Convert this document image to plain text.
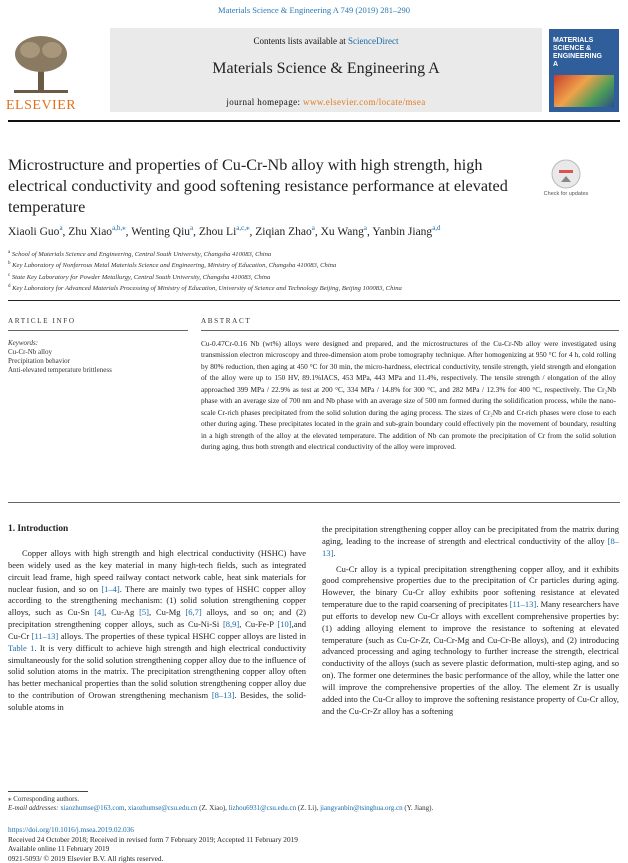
Materials Science & Engineering A 749 (2019) 281–290
ELSEVIER
Contents lists available at ScienceDirect
Materials Science & Engineering A
journal homepage: www.elsevier.com/locate/msea
MATERIALS SCIENCE & ENGINEERING
A
Microstructure and properties of Cu-Cr-Nb alloy with high strength, high electrical conductivity and good softening resistance performance at elevated temperature
Check for updates
Xiaoli Guo$^a$, Zhu Xiao$^{a,b,⁎}$, Wenting Qiu$^a$, Zhou $Li^{a,c,⁎}$, Ziqian Zhao$^a$, Xu Wang$^a$, Yanbin Jiang$^{a,d}$
$^a$ School of Materials Science and Engineering, Central South University, Changsha 410083, China
$^b$ Key Laboratory of Nonferrous Metal Materials Science and Engineering, Ministry of Education, Changsha 410083, China
$^c$ State Key Laboratory for Powder Metallurgy, Central South University, Changsha 410083, China
$^d$ Key Laboratory for Advanced Materials Processing of Ministry of Education, University of Science and Technology Beijing, Beijing 100083, China
ARTICLE INFO
Keywords:
Cu-Cr-Nb alloy
Precipitation behavior
Anti-elevated temperature brittleness
ABSTRACT
Cu-0.47Cr-0.16 Nb (wt%) alloys were designed and prepared, and the microstructures of the Cu-Cr-Nb alloy were investigated using transmission electron microscopy and three-dimension atom probe tomography technique. After homogenizing at 950 °C for 4 h, cold rolling by 80% reduction, then aging at 450 °C for 30 min, the micro-hardness, electrical conductivity, tensile strength, yield strength and elongation of the alloy were up to 150 HV, 89.1%IACS, 453 MPa, 443 MPa and 11.4%, respectively. The tensile strength / elongation of the alloy approached 399 MPa / 22.9% as test at 200 °C, 334 MPa / 14.8% for 300 °C, and 282 MPa / 12.3% for 400 °C, respectively. The Cr₂Nb phase with an average size of 700 nm and Nb phase with an average size of 500 nm formed during the solidification process, while the nano-scale Cr-rich phases precipitated from the solid solution during the aging process. The sizes of Cr₂Nb and Cr-rich phases were close to each other during aging. These precipitates located in the grain and sub-grain boundary could effectively pin the movement of boundary, resulting in a high strength of the alloy at the elevated temperature. The addition of Nb can promote the precipitation of Cr from the solid solution during aging, thus both strength and electrical conductivity of the alloy were improved.
1. Introduction
Copper alloys with high strength and high electrical conductivity (HSHC) have been widely used as the key material in many high-tech fields, such as integrated circuit lead frame, high speed railway contact network cable, heat sink materials for nuclear fusion, and so on [1–4]. There are mainly two types of HSHC copper alloy according to the strengthening mechanism: (1) solid solution strengthening copper alloys, such as Cu-Sn [4], Cu-Ag [5], Cu-Mg [6,7] alloys, and so on; and (2) precipitation strengthening copper alloys, such as Cu-Ni-Si [8,9], Cu-Fe-P [10],and Cu-Cr [11–13] alloys. The properties of these typical HSHC copper alloys are listed in Table 1. It is very difficult to achieve high strength and high electrical conductivity simultaneously for the solid solution strengthening copper alloy due to the influence of solid solution atoms in the matrix. The precipitation strengthening copper alloy often has better mechanical properties than the solid solution strengthening copper alloy due to the contribution of Orowan strengthening mechanism [8–13]. Besides, the solid-soluble atoms in

the precipitation strengthening copper alloy can be precipitated from the matrix during aging, leading to the increase of strength and electrical conductivity of the alloy [8–13].

Cu-Cr alloy is a typical precipitation strengthening copper alloy, and it exhibits good comprehensive properties due to the precipitation of Cr particles during aging. However, the binary Cu-Cr alloy exhibits poor softening resistance at elevated temperature due to the rapid coarsening of precipitates [11–13]. Many researchers have put efforts to develop new Cu-Cr alloys with excellent comprehensive properties by: (1) adding alloying element to improve the resistance to softening at elevated temperature (such as Cu-Cr-Zr, Cu-Cr-Mg and Cu-Cr-Be alloys), and (2) introducing advanced processing and aging technology to further increase the strength, electrical conductivity of the alloys (such as severe plastic deformation, multi-step aging, and so on). The former one determines the basic performance of the alloy, while the latter one will improve the comprehensive properties of the alloy. The element Zr is usually added into the Cu-Cr alloy to improve the softening resistance property of Cu-Cr alloy, and the Cu-Cr-Zr alloy has a softening

⁎ Corresponding authors.
E-mail addresses: xiaozhumse@163.com, xiaozhumse@csu.edu.cn (Z. Xiao), lizhou6931@csu.edu.cn (Z. Li), jiangyanbin@tsinghua.org.cn (Y. Jiang).
https://doi.org/10.1016/j.msea.2019.02.036
Received 24 October 2018; Received in revised form 7 February 2019; Accepted 11 February 2019
Available online 11 February 2019
0921-5093/ © 2019 Elsevier B.V. All rights reserved.
